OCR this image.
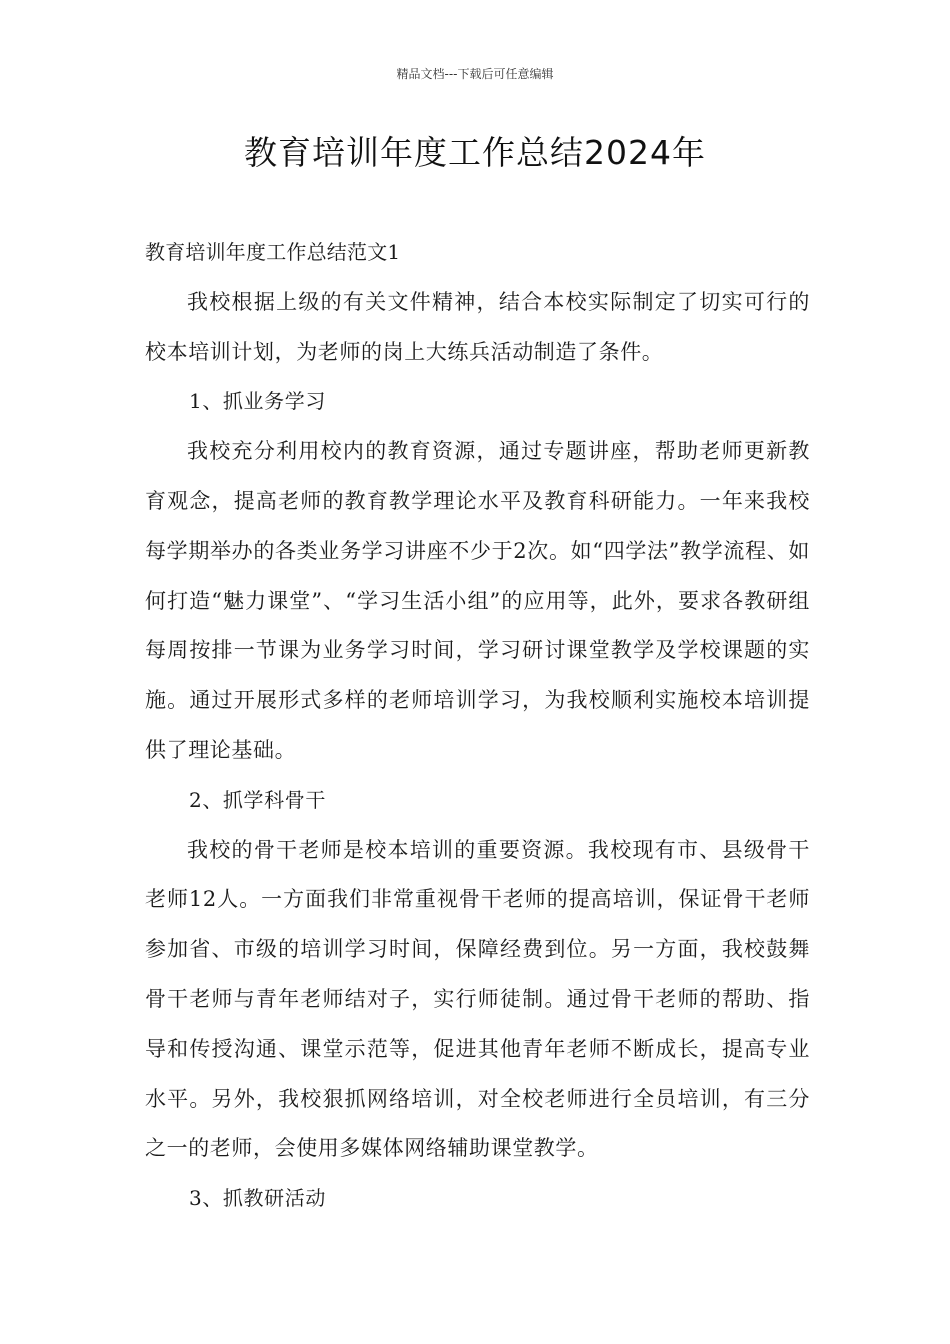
精品文档---下载后可任意编辑
教育培训年度工作总结2024年

教育培训年度工作总结范文1

我校根据上级的有关文件精神，结合本校实际制定了切实可行的校本培训计划，为老师的岗上大练兵活动制造了条件。

1、抓业务学习

我校充分利用校内的教育资源，通过专题讲座，帮助老师更新教育观念，提高老师的教育教学理论水平及教育科研能力。一年来我校每学期举办的各类业务学习讲座不少于2次。如“四学法”教学流程、如何打造“魅力课堂”、“学习生活小组”的应用等，此外，要求各教研组每周按排一节课为业务学习时间，学习研讨课堂教学及学校课题的实施。通过开展形式多样的老师培训学习，为我校顺利实施校本培训提供了理论基础。

2、抓学科骨干

我校的骨干老师是校本培训的重要资源。我校现有市、县级骨干老师12人。一方面我们非常重视骨干老师的提高培训，保证骨干老师参加省、市级的培训学习时间，保障经费到位。另一方面，我校鼓舞骨干老师与青年老师结对子，实行师徒制。通过骨干老师的帮助、指导和传授沟通、课堂示范等，促进其他青年老师不断成长，提高专业水平。另外，我校狠抓网络培训，对全校老师进行全员培训，有三分之一的老师，会使用多媒体网络辅助课堂教学。

3、抓教研活动
